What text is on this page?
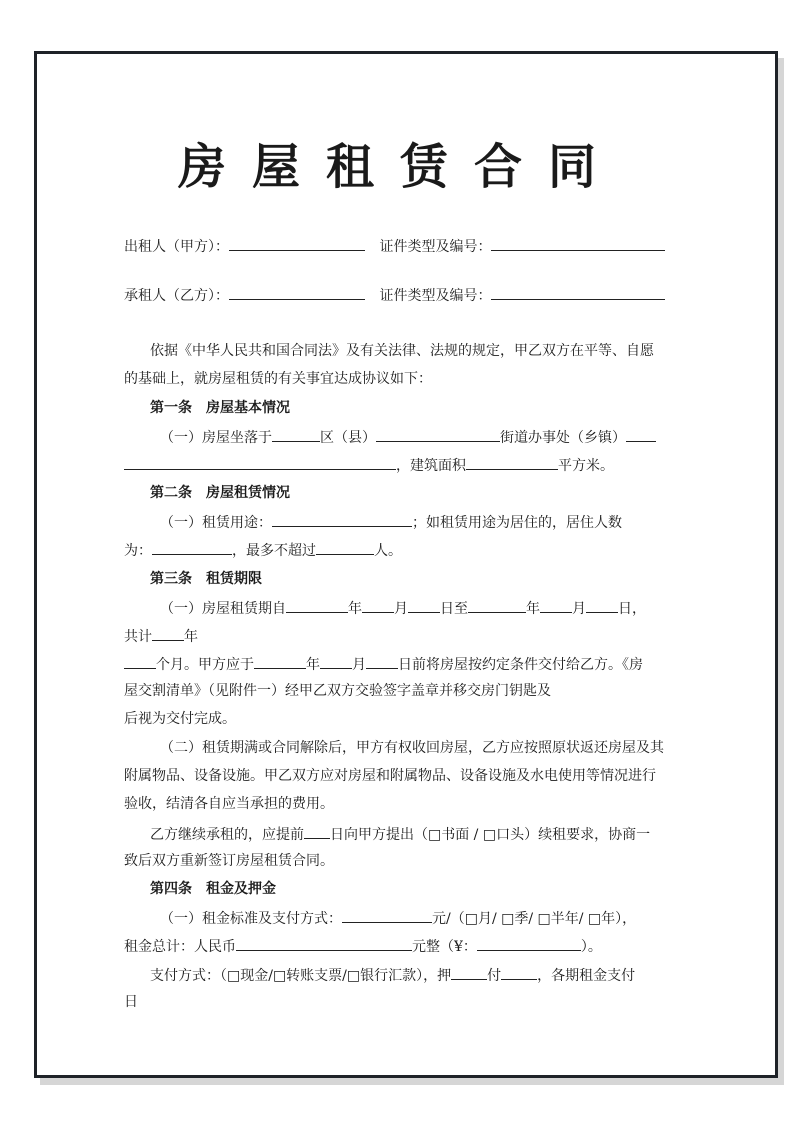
房屋租赁合同
出租人（甲方）：	证件类型及编号：
承租人（乙方）：	证件类型及编号：
依据《中华人民共和国合同法》及有关法律、法规的规定，甲乙双方在平等、自愿
的基础上，就房屋租赁的有关事宜达成协议如下：
第一条　房屋基本情况
（一）房屋坐落于	区（县）	街道办事处（乡镇）
，建筑面积	平方米。
第二条　房屋租赁情况
（一）租赁用途：	；如租赁用途为居住的，居住人数
为：	，最多不超过	人。
第三条　租赁期限
（一）房屋租赁期自	年 月 日至	年 月 日，
共计 年
个月。甲方应于	年 月 日前将房屋按约定条件交付给乙方。《房
屋交割清单》（见附件一）经甲乙双方交验签字盖章并移交房门钥匙及
后视为交付完成。
（二）租赁期满或合同解除后，甲方有权收回房屋，乙方应按照原状返还房屋及其
附属物品、设备设施。甲乙双方应对房屋和附属物品、设备设施及水电使用等情况进行
验收，结清各自应当承担的费用。
乙方继续承租的，应提前 日向甲方提出（□书面 / □口头）续租要求，协商一
致后双方重新签订房屋租赁合同。
第四条　租金及押金
（一）租金标准及支付方式：	元/（□月/ □季/ □半年/ □年），
租金总计：人民币	元整（¥：	）。
支付方式：（□现金/□转账支票/□银行汇款），押	付	，各期租金支付
日
